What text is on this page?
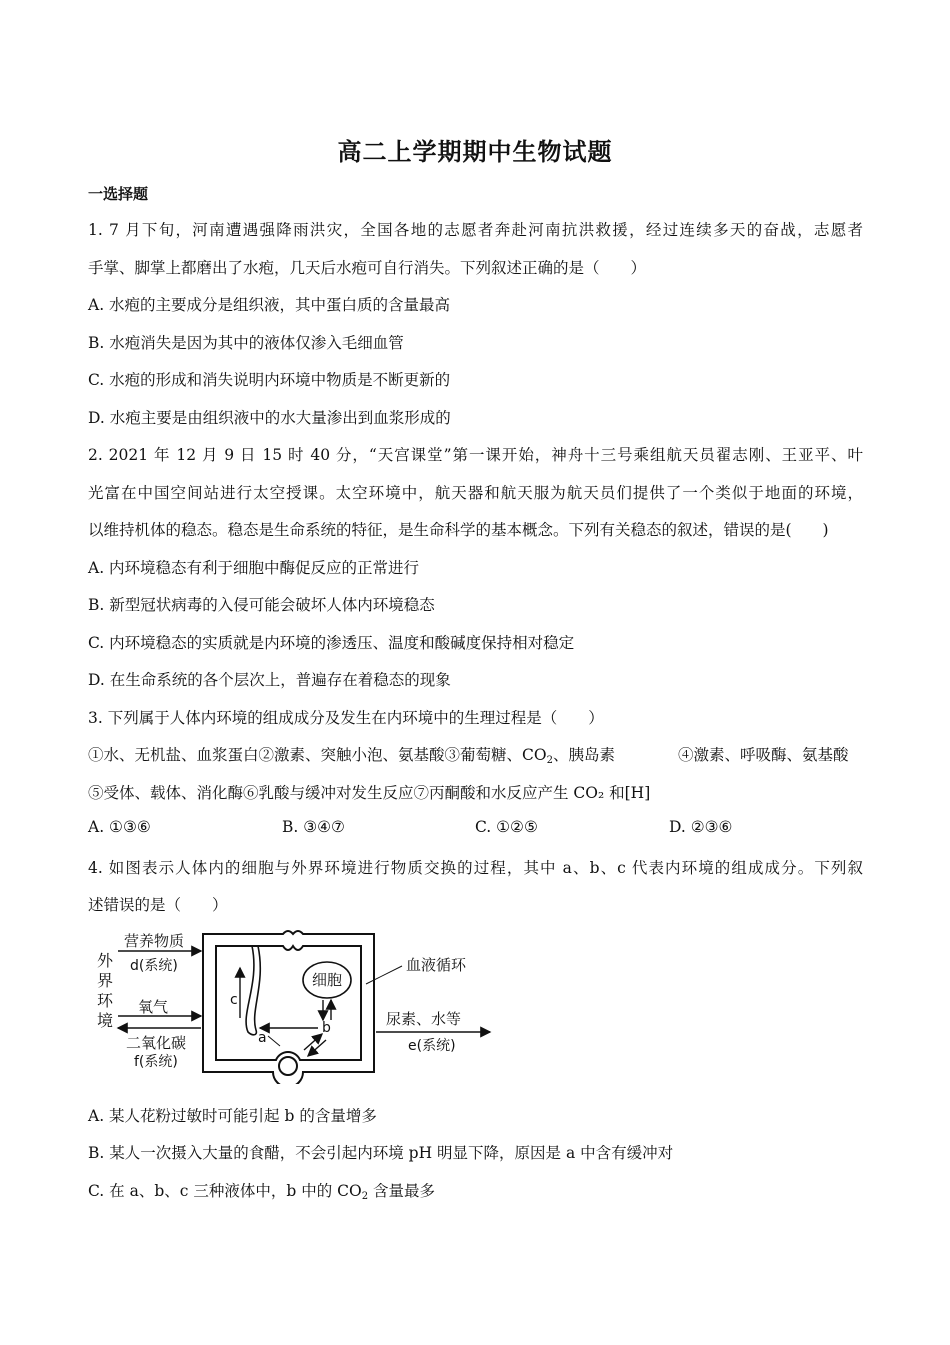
高二上学期期中生物试题
一选择题
1. 7 月下旬，河南遭遇强降雨洪灾，全国各地的志愿者奔赴河南抗洪救援，经过连续多天的奋战，志愿者
手掌、脚掌上都磨出了水疱，几天后水疱可自行消失。下列叙述正确的是（　　）
A. 水疱的主要成分是组织液，其中蛋白质的含量最高
B. 水疱消失是因为其中的液体仅渗入毛细血管
C. 水疱的形成和消失说明内环境中物质是不断更新的
D. 水疱主要是由组织液中的水大量渗出到血浆形成的
2. 2021 年 12 月 9 日 15 时 40 分，“天宫课堂”第一课开始，神舟十三号乘组航天员翟志刚、王亚平、叶
光富在中国空间站进行太空授课。太空环境中，航天器和航天服为航天员们提供了一个类似于地面的环境，
以维持机体的稳态。稳态是生命系统的特征，是生命科学的基本概念。下列有关稳态的叙述，错误的是(　　)
A. 内环境稳态有利于细胞中酶促反应的正常进行
B. 新型冠状病毒的入侵可能会破坏人体内环境稳态
C. 内环境稳态的实质就是内环境的渗透压、温度和酸碱度保持相对稳定
D. 在生命系统的各个层次上，普遍存在着稳态的现象
3. 下列属于人体内环境的组成成分及发生在内环境中的生理过程是（　　）
①水、无机盐、血浆蛋白②激素、突触小泡、氨基酸③葡萄糖、$CO_2$、胰岛素	④激素、呼吸酶、氨基酸
⑤受体、载体、消化酶⑥乳酸与缓冲对发生反应⑦丙酮酸和水反应产生 CO₂ 和[H]
A. ①③⑥	B. ③④⑦	C. ①②⑤	D. ②③⑥
4. 如图表示人体内的细胞与外界环境进行物质交换的过程，其中 a、b、c 代表内环境的组成成分。下列叙
述错误的是（　　）
外
界
环
境
c
细胞
b
a
营养物质
d(系统)
氧气
二氧化碳
f(系统)
血液循环
尿素、水等
e(系统)
A. 某人花粉过敏时可能引起 b 的含量增多
B. 某人一次摄入大量的食醋，不会引起内环境 pH 明显下降，原因是 a 中含有缓冲对
C. 在 a、b、c 三种液体中，b 中的 $CO_2$ 含量最多
